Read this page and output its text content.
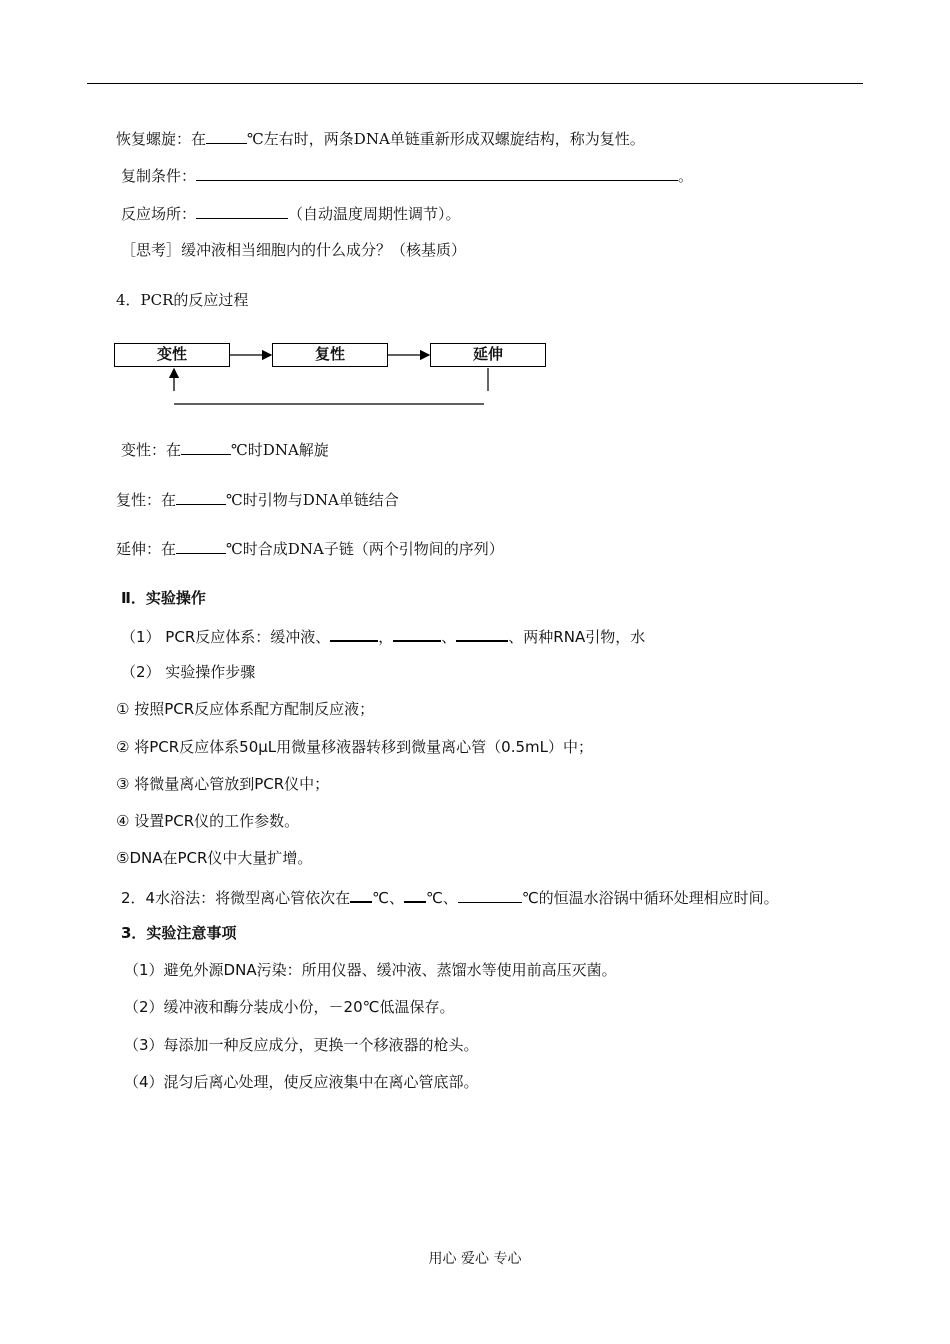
恢复螺旋：在	℃左右时，两条DNA单链重新形成双螺旋结构，称为复性。
复制条件：	。
反应场所：	（自动温度周期性调节）。
［思考］缓冲液相当细胞内的什么成分？（核基质）
4．PCR的反应过程
变性	复性	延伸
变性：在	℃时DNA解旋
复性：在	℃时引物与DNA单链结合
延伸：在	℃时合成DNA子链（两个引物间的序列）
Ⅱ．实验操作
（1） PCR反应体系：缓冲液、	，	、	、两种RNA引物，水
（2） 实验操作步骤
① 按照PCR反应体系配方配制反应液；
② 将PCR反应体系50μL用微量移液器转移到微量离心管（0.5mL）中；
③ 将微量离心管放到PCR仪中；
④ 设置PCR仪的工作参数。
⑤DNA在PCR仪中大量扩增。
2．4水浴法：将微型离心管依次在 ℃、 ℃、	℃的恒温水浴锅中循环处理相应时间。
3．实验注意事项
（1）避免外源DNA污染：所用仪器、缓冲液、蒸馏水等使用前高压灭菌。
（2）缓冲液和酶分装成小份，－20℃低温保存。
（3）每添加一种反应成分，更换一个移液器的枪头。
（4）混匀后离心处理，使反应液集中在离心管底部。
用心 爱心 专心
